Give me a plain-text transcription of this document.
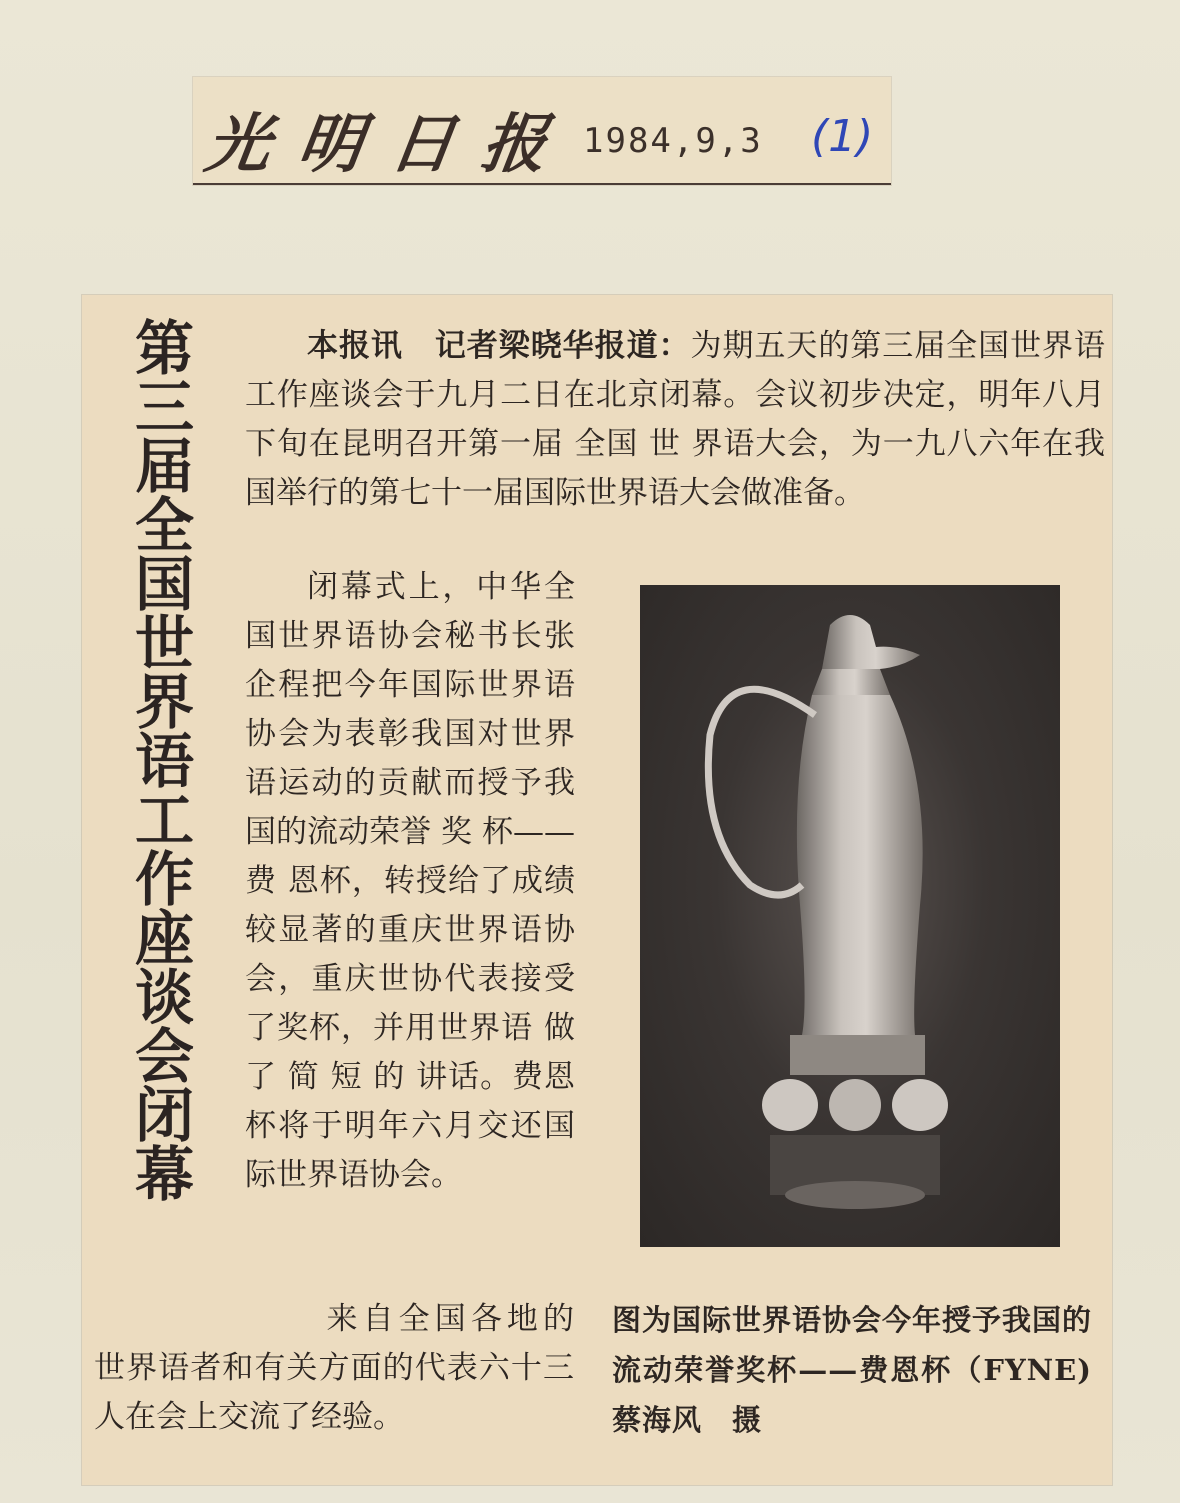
光明日报 1984,9,3 (1)
第三届全国世界语工作座谈会闭幕	本报讯　记者梁晓华报道：为期五天的第三届全国世界语工作座谈会于九月二日在北京闭幕。会议初步决定，明年八月下旬在昆明召开第一届 全国 世 界语大会，为一九八六年在我国举行的第七十一届国际世界语大会做准备。

闭幕式上，中华全国世界语协会秘书长张企程把今年国际世界语协会为表彰我国对世界语运动的贡献而授予我国的流动荣誉 奖 杯——费 恩杯，转授给了成绩较显著的重庆世界语协会，重庆世协代表接受了奖杯，并用世界语 做 了 简 短 的 讲话。费恩杯将于明年六月交还国际世界语协会。

来自全国各地的世界语者和有关方面的代表六十三人在会上交流了经验。

图为国际世界语协会今年授予我国的流动荣誉奖杯——费恩杯（FYNE)蔡海风　摄
